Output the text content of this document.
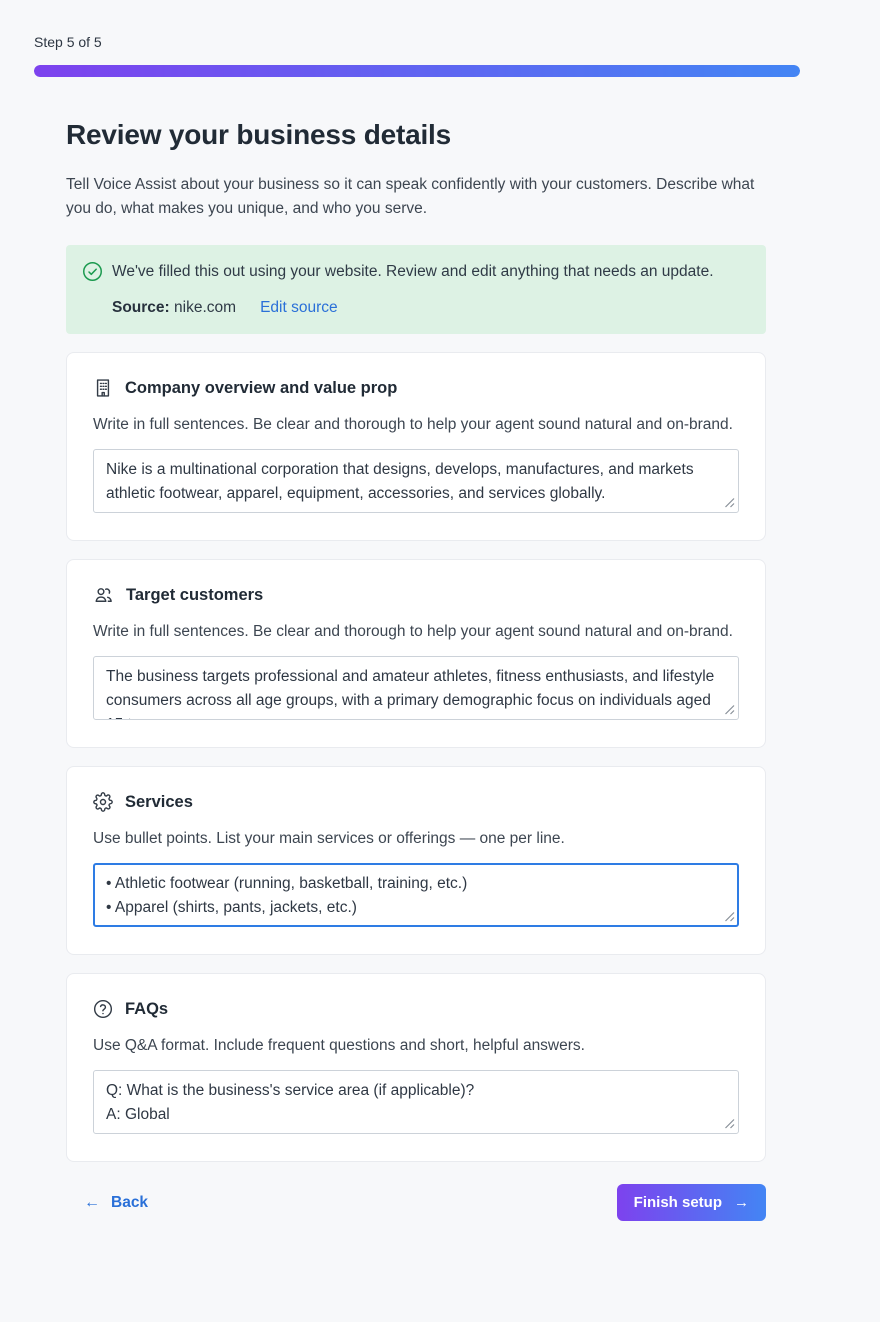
Step 5 of 5
Review your business details

Tell Voice Assist about your business so it can speak confidently with your customers. Describe what you do, what makes you unique, and who you serve.

We've filled this out using your website. Review and edit anything that needs an update.
Source: nike.com Edit source
Company overview and value prop
Write in full sentences. Be clear and thorough to help your agent sound natural and on-brand.
Nike is a multinational corporation that designs, develops, manufactures, and markets athletic footwear, apparel, equipment, accessories, and services globally.
Target customers
Write in full sentences. Be clear and thorough to help your agent sound natural and on-brand.
The business targets professional and amateur athletes, fitness enthusiasts, and lifestyle consumers across all age groups, with a primary demographic focus on individuals aged 15 to
Services
Use bullet points. List your main services or offerings — one per line.
• Athletic footwear (running, basketball, training, etc.) • Apparel (shirts, pants, jackets, etc.)
FAQs
Use Q&A format. Include frequent questions and short, helpful answers.
Q: What is the business's service area (if applicable)? A: Global
← Back	Finish setup →
